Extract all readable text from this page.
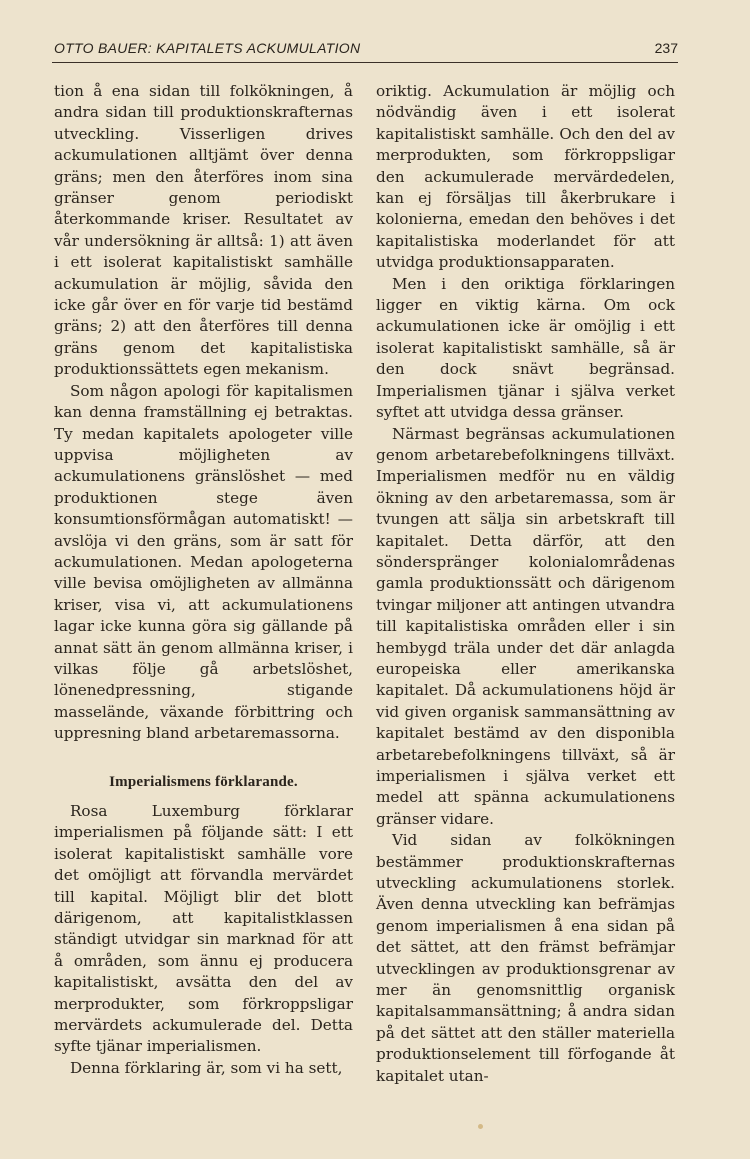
OTTO BAUER: KAPITALETS ACKUMULATION	237

tion å ena sidan till folkökningen, å andra sidan till produktionskrafternas utveckling. Visserligen drives ackumulationen alltjämt över denna gräns; men den återföres inom sina gränser genom periodiskt återkommande kriser. Resultatet av vår undersökning är alltså: 1) att även i ett isolerat kapitalistiskt samhälle ackumulation är möjlig, såvida den icke går över en för varje tid bestämd gräns; 2) att den återföres till denna gräns genom det kapitalistiska produktionssättets egen mekanism.

Som någon apologi för kapitalismen kan denna framställning ej betraktas. Ty medan kapitalets apologeter ville uppvisa möjligheten av ackumulationens gränslöshet — med produktionen stege även konsumtionsförmågan automatiskt! — avslöja vi den gräns, som är satt för ackumulationen. Medan apologeterna ville bevisa omöjligheten av allmänna kriser, visa vi, att ackumulationens lagar icke kunna göra sig gällande på annat sätt än genom allmänna kriser, i vilkas följe gå arbetslöshet, lönenedpressning, stigande masselände, växande förbittring och uppresning bland arbetaremassorna.

Imperialismens förklarande.

Rosa Luxemburg förklarar imperialismen på följande sätt: I ett isolerat kapitalistiskt samhälle vore det omöjligt att förvandla mervärdet till kapital. Möjligt blir det blott därigenom, att kapitalistklassen ständigt utvidgar sin marknad för att å områden, som ännu ej producera kapitalistiskt, avsätta den del av merprodukter, som förkroppsligar mervärdets ackumulerade del. Detta syfte tjänar imperialismen.

Denna förklaring är, som vi ha sett,

oriktig. Ackumulation är möjlig och nödvändig även i ett isolerat kapitalistiskt samhälle. Och den del av merprodukten, som förkroppsligar den ackumulerade mervärdedelen, kan ej försäljas till åkerbrukare i kolonierna, emedan den behöves i det kapitalistiska moderlandet för att utvidga produktionsapparaten.

Men i den oriktiga förklaringen ligger en viktig kärna. Om ock ackumulationen icke är omöjlig i ett isolerat kapitalistiskt samhälle, så är den dock snävt begränsad. Imperialismen tjänar i själva verket syftet att utvidga dessa gränser.

Närmast begränsas ackumulationen genom arbetarebefolkningens tillväxt. Imperialismen medför nu en väldig ökning av den arbetaremassa, som är tvungen att sälja sin arbetskraft till kapitalet. Detta därför, att den sönderspränger kolonialområdenas gamla produktionssätt och därigenom tvingar miljoner att antingen utvandra till kapitalistiska områden eller i sin hembygd träla under det där anlagda europeiska eller amerikanska kapitalet. Då ackumulationens höjd är vid given organisk sammansättning av kapitalet bestämd av den disponibla arbetarebefolkningens tillväxt, så är imperialismen i själva verket ett medel att spänna ackumulationens gränser vidare.

Vid sidan av folkökningen bestämmer produktionskrafternas utveckling ackumulationens storlek. Även denna utveckling kan befrämjas genom imperialismen å ena sidan på det sättet, att den främst befrämjar utvecklingen av produktionsgrenar av mer än genomsnittlig organisk kapitalsammansättning; å andra sidan på det sättet att den ställer materiella produktionselement till förfogande åt kapitalet utan-
